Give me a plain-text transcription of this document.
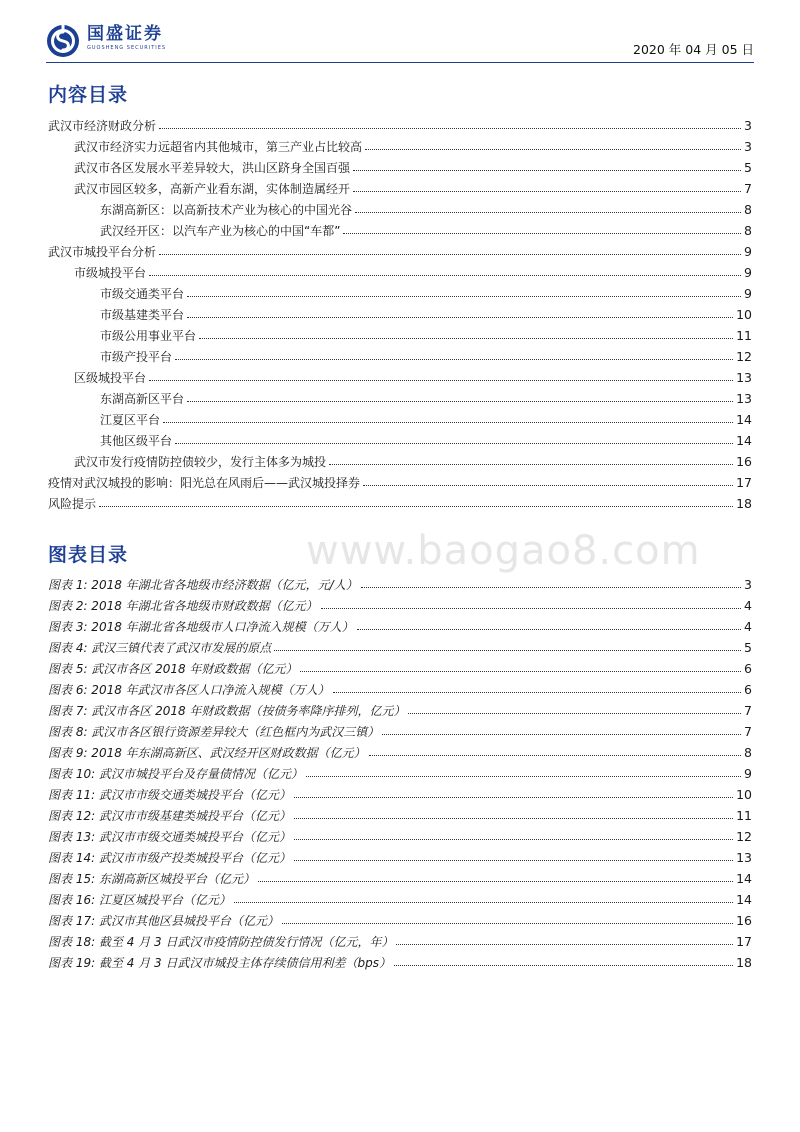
国盛证券
GUOSHENG SECURITIES	2020 年 04 月 05 日
内容目录
武汉市经济财政分析	3
武汉市经济实力远超省内其他城市，第三产业占比较高	3
武汉市各区发展水平差异较大，洪山区跻身全国百强	5
武汉市园区较多，高新产业看东湖，实体制造属经开	7
东湖高新区：以高新技术产业为核心的中国光谷	8
武汉经开区：以汽车产业为核心的中国“车都”	8
武汉市城投平台分析	9
市级城投平台	9
市级交通类平台	9
市级基建类平台	10
市级公用事业平台	11
市级产投平台	12
区级城投平台	13
东湖高新区平台	13
江夏区平台	14
其他区级平台	14
武汉市发行疫情防控债较少，发行主体多为城投	16
疫情对武汉城投的影响：阳光总在风雨后——武汉城投择券	17
风险提示	18
www.baogao8.com
图表目录
图表 1: 2018 年湖北省各地级市经济数据（亿元，元/人）	3
图表 2: 2018 年湖北省各地级市财政数据（亿元）	4
图表 3: 2018 年湖北省各地级市人口净流入规模（万人）	4
图表 4: 武汉三镇代表了武汉市发展的原点	5
图表 5: 武汉市各区 2018 年财政数据（亿元）	6
图表 6: 2018 年武汉市各区人口净流入规模（万人）	6
图表 7: 武汉市各区 2018 年财政数据（按债务率降序排列，亿元）	7
图表 8: 武汉市各区银行资源差异较大（红色框内为武汉三镇）	7
图表 9: 2018 年东湖高新区、武汉经开区财政数据（亿元）	8
图表 10: 武汉市城投平台及存量债情况（亿元）	9
图表 11: 武汉市市级交通类城投平台（亿元）	10
图表 12: 武汉市市级基建类城投平台（亿元）	11
图表 13: 武汉市市级交通类城投平台（亿元）	12
图表 14: 武汉市市级产投类城投平台（亿元）	13
图表 15: 东湖高新区城投平台（亿元）	14
图表 16: 江夏区城投平台（亿元）	14
图表 17: 武汉市其他区县城投平台（亿元）	16
图表 18: 截至 4 月 3 日武汉市疫情防控债发行情况（亿元，年）	17
图表 19: 截至 4 月 3 日武汉市城投主体存续债信用利差（bps）	18
